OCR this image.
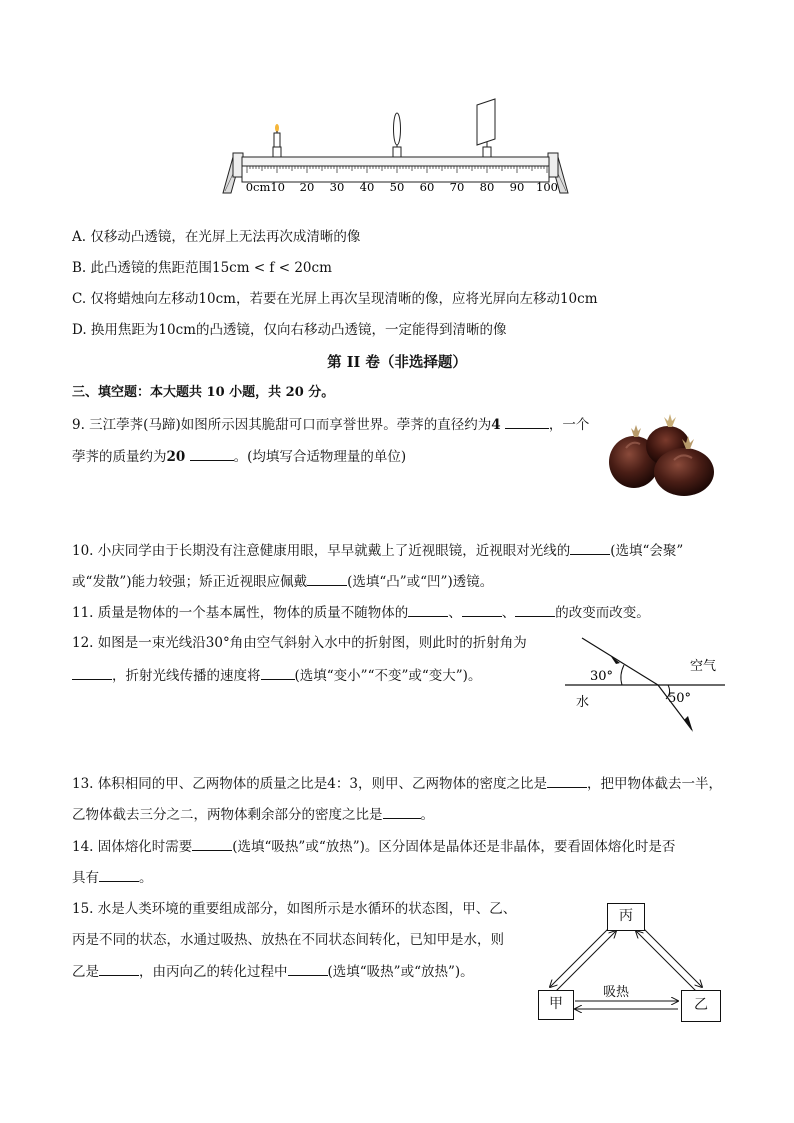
0cm10 20 30 40 50 60 70 80 90 100
A. 仅移动凸透镜，在光屏上无法再次成清晰的像
B. 此凸透镜的焦距范围15cm < f < 20cm
C. 仅将蜡烛向左移动10cm，若要在光屏上再次呈现清晰的像，应将光屏向左移动10cm
D. 换用焦距为10cm的凸透镜，仅向右移动凸透镜，一定能得到清晰的像
第 II 卷（非选择题）
三、填空题：本大题共 10 小题，共 20 分。
9. 三江荸荠(马蹄)如图所示因其脆甜可口而享誉世界。荸荠的直径约为4	，一个
荸荠的质量约为20	。(均填写合适物理量的单位)
10. 小庆同学由于长期没有注意健康用眼，早早就戴上了近视眼镜，近视眼对光线的	(选填“会聚”
或“发散”)能力较强；矫正近视眼应佩戴	(选填“凸”或“凹”)透镜。
11. 质量是物体的一个基本属性，物体的质量不随物体的	、	、	的改变而改变。
12. 如图是一束光线沿30°角由空气斜射入水中的折射图，则此时的折射角为
，折射光线传播的速度将	(选填“变小”“不变”或“变大”)。	30°
空气
50°
水
13. 体积相同的甲、乙两物体的质量之比是4：3，则甲、乙两物体的密度之比是	，把甲物体截去一半，
乙物体截去三分之二，两物体剩余部分的密度之比是	。
14. 固体熔化时需要	(选填“吸热”或“放热”)。区分固体是晶体还是非晶体，要看固体熔化时是否
具有	。
15. 水是人类环境的重要组成部分，如图所示是水循环的状态图，甲、乙、
丙是不同的状态，水通过吸热、放热在不同状态间转化，已知甲是水，则
乙是	，由丙向乙的转化过程中	(选填“吸热”或“放热”)。
丙
甲	乙
吸热
